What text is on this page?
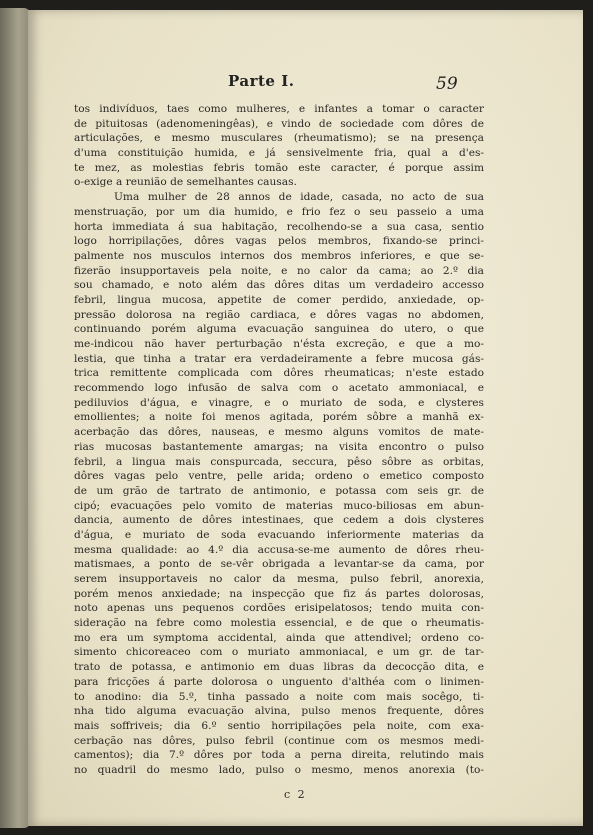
Parte I.	59
tos indivíduos, taes como mulheres, e infantes a tomar o caracter
de pituitosas (adenomeningêas), e vindo de sociedade com dôres de
articulações, e mesmo musculares (rheumatismo); se na presença
d'uma constituição humida, e já sensivelmente fria, qual a d'es-
te mez, as molestias febris tomão este caracter, é porque assim
o-exige a reunião de semelhantes causas.
Uma mulher de 28 annos de idade, casada, no acto de sua
menstruação, por um dia humido, e frio fez o seu passeio a uma
horta immediata á sua habitação, recolhendo-se a sua casa, sentio
logo horripilações, dôres vagas pelos membros, fixando-se princi-
palmente nos musculos internos dos membros inferiores, e que se-
fizerão insupportaveis pela noite, e no calor da cama; ao 2.º dia
sou chamado, e noto além das dôres ditas um verdadeiro accesso
febril, lingua mucosa, appetite de comer perdido, anxiedade, op-
pressão dolorosa na região cardiaca, e dôres vagas no abdomen,
continuando porém alguma evacuação sanguinea do utero, o que
me-indicou não haver perturbação n'ésta excreção, e que a mo-
lestia, que tinha a tratar era verdadeiramente a febre mucosa gás-
trica remittente complicada com dôres rheumaticas; n'este estado
recommendo logo infusão de salva com o acetato ammoniacal, e
pediluvios d'água, e vinagre, e o muriato de soda, e clysteres
emollientes; a noite foi menos agitada, porém sôbre a manhã ex-
acerbação das dôres, nauseas, e mesmo alguns vomitos de mate-
rias mucosas bastantemente amargas; na visita encontro o pulso
febril, a lingua mais conspurcada, seccura, pêso sôbre as orbitas,
dôres vagas pelo ventre, pelle arida; ordeno o emetico composto
de um grão de tartrato de antimonio, e potassa com seis gr. de
cipó; evacuações pelo vomito de materias muco-biliosas em abun-
dancia, aumento de dôres intestinaes, que cedem a dois clysteres
d'água, e muriato de soda evacuando inferiormente materias da
mesma qualidade: ao 4.º dia accusa-se-me aumento de dôres rheu-
matismaes, a ponto de se-vêr obrigada a levantar-se da cama, por
serem insupportaveis no calor da mesma, pulso febril, anorexia,
porém menos anxiedade; na inspecção que fiz ás partes dolorosas,
noto apenas uns pequenos cordões erisipelatosos; tendo muita con-
sideração na febre como molestia essencial, e de que o rheumatis-
mo era um symptoma accidental, ainda que attendivel; ordeno co-
simento chicoreaceo com o muriato ammoniacal, e um gr. de tar-
trato de potassa, e antimonio em duas libras da decocção dita, e
para fricções á parte dolorosa o unguento d'althéa com o linimen-
to anodino: dia 5.º, tinha passado a noite com mais socêgo, ti-
nha tido alguma evacuação alvina, pulso menos frequente, dôres
mais soffriveis; dia 6.º sentio horripilações pela noite, com exa-
cerbação nas dôres, pulso febril (continue com os mesmos medi-
camentos); dia 7.º dôres por toda a perna direita, relutindo mais
no quadril do mesmo lado, pulso o mesmo, menos anorexia (to-
c 2
